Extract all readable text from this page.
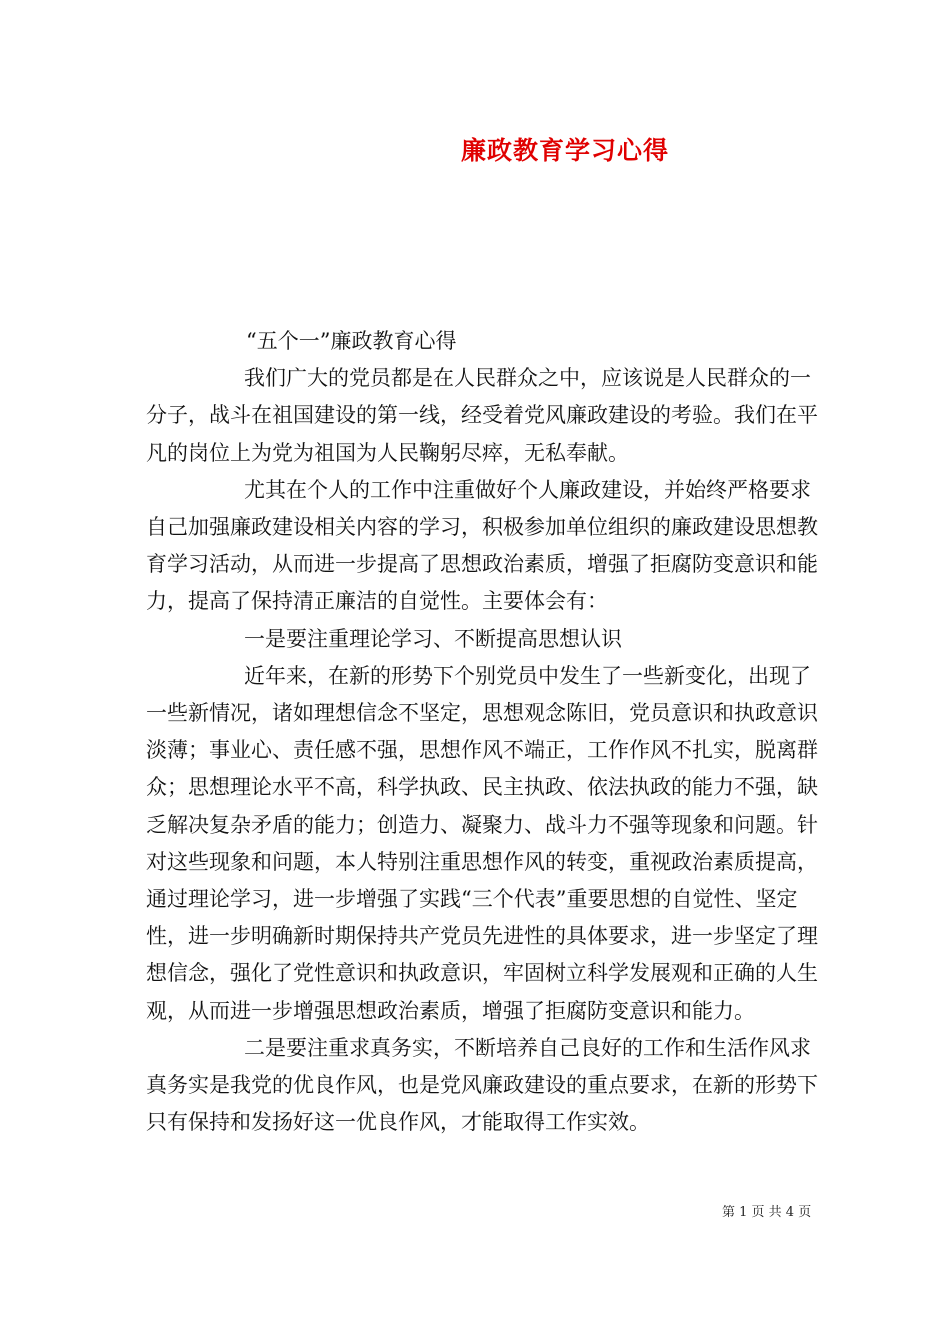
廉政教育学习心得

“五个一”廉政教育心得

我们广大的党员都是在人民群众之中，应该说是人民群众的一分子，战斗在祖国建设的第一线，经受着党风廉政建设的考验。我们在平凡的岗位上为党为祖国为人民鞠躬尽瘁，无私奉献。

尤其在个人的工作中注重做好个人廉政建设，并始终严格要求自己加强廉政建设相关内容的学习，积极参加单位组织的廉政建设思想教育学习活动，从而进一步提高了思想政治素质，增强了拒腐防变意识和能力，提高了保持清正廉洁的自觉性。主要体会有：

一是要注重理论学习、不断提高思想认识

近年来，在新的形势下个别党员中发生了一些新变化，出现了一些新情况，诸如理想信念不坚定，思想观念陈旧，党员意识和执政意识淡薄；事业心、责任感不强，思想作风不端正，工作作风不扎实，脱离群众；思想理论水平不高，科学执政、民主执政、依法执政的能力不强，缺乏解决复杂矛盾的能力；创造力、凝聚力、战斗力不强等现象和问题。针对这些现象和问题，本人特别注重思想作风的转变，重视政治素质提高，通过理论学习，进一步增强了实践“三个代表”重要思想的自觉性、坚定性，进一步明确新时期保持共产党员先进性的具体要求，进一步坚定了理想信念，强化了党性意识和执政意识，牢固树立科学发展观和正确的人生观，从而进一步增强思想政治素质，增强了拒腐防变意识和能力。

二是要注重求真务实，不断培养自己良好的工作和生活作风求真务实是我党的优良作风，也是党风廉政建设的重点要求，在新的形势下只有保持和发扬好这一优良作风，才能取得工作实效。

第 1 页 共 4 页
